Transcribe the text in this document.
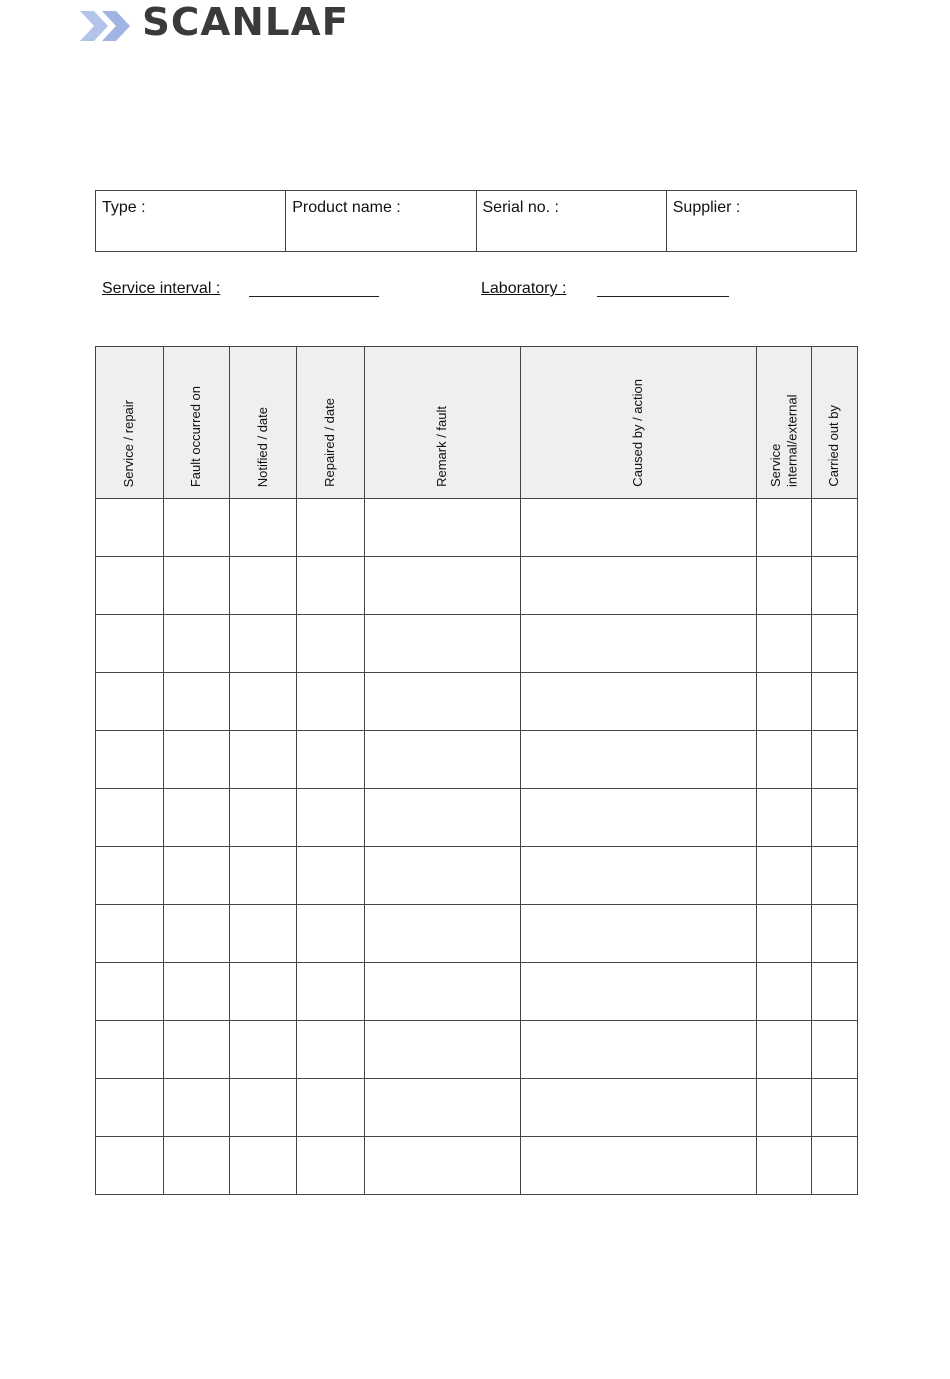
SCANLAF
Type :	Product name :	Serial no. :	Supplier :
Service interval :	Laboratory :
Service / repair	Fault occurred on	Notified / date	Repaired / date	Remark / fault	Caused by / action	Service internal/external	Carried out by
